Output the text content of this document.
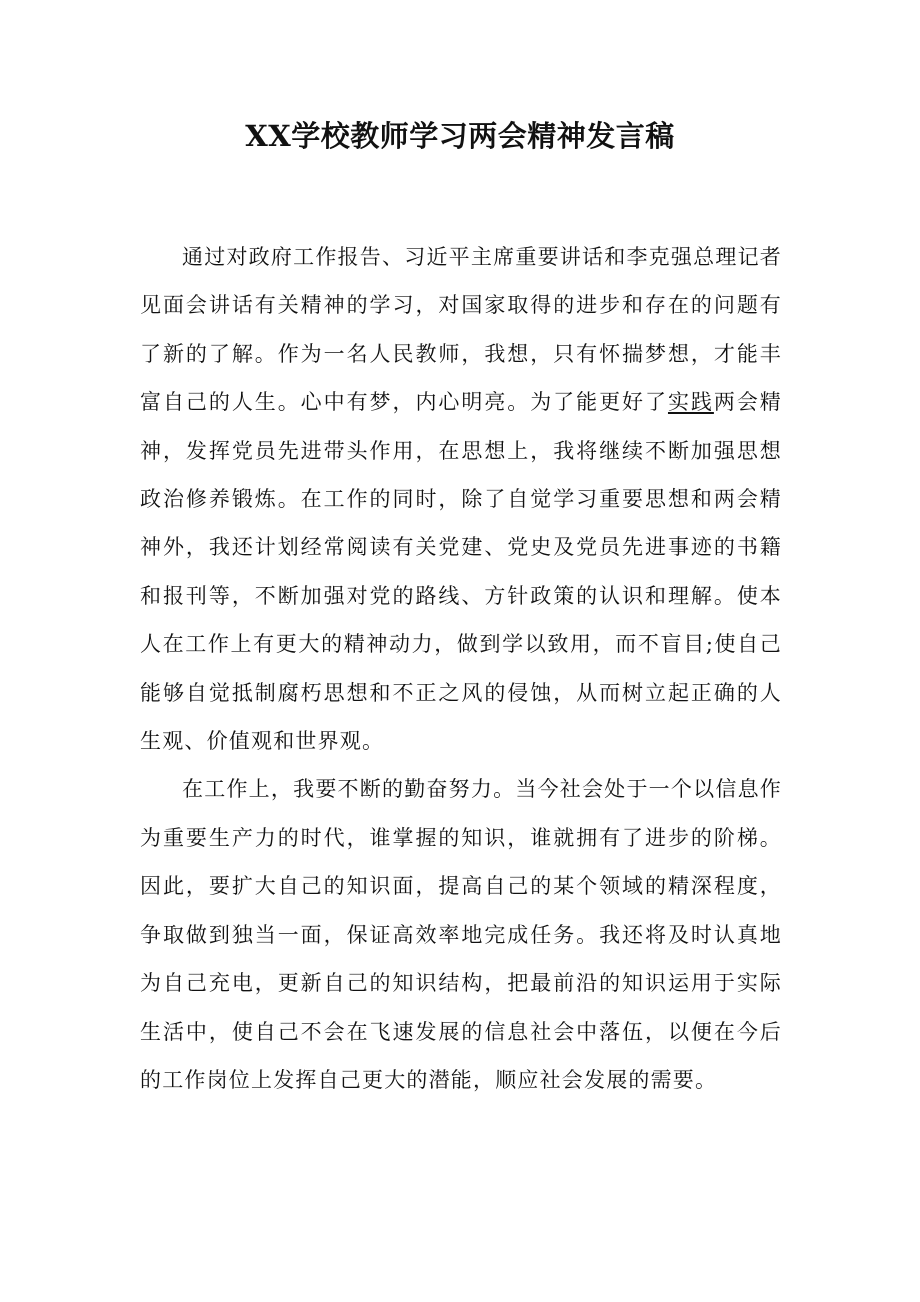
XX学校教师学习两会精神发言稿

通过对政府工作报告、习近平主席重要讲话和李克强总理记者见面会讲话有关精神的学习，对国家取得的进步和存在的问题有了新的了解。作为一名人民教师，我想，只有怀揣梦想，才能丰富自己的人生。心中有梦，内心明亮。为了能更好了实践两会精神，发挥党员先进带头作用，在思想上，我将继续不断加强思想政治修养锻炼。在工作的同时，除了自觉学习重要思想和两会精神外，我还计划经常阅读有关党建、党史及党员先进事迹的书籍和报刊等，不断加强对党的路线、方针政策的认识和理解。使本人在工作上有更大的精神动力，做到学以致用，而不盲目;使自己能够自觉抵制腐朽思想和不正之风的侵蚀，从而树立起正确的人生观、价值观和世界观。

在工作上，我要不断的勤奋努力。当今社会处于一个以信息作为重要生产力的时代，谁掌握的知识，谁就拥有了进步的阶梯。因此，要扩大自己的知识面，提高自己的某个领域的精深程度，争取做到独当一面，保证高效率地完成任务。我还将及时认真地为自己充电，更新自己的知识结构，把最前沿的知识运用于实际生活中，使自己不会在飞速发展的信息社会中落伍，以便在今后的工作岗位上发挥自己更大的潜能，顺应社会发展的需要。
